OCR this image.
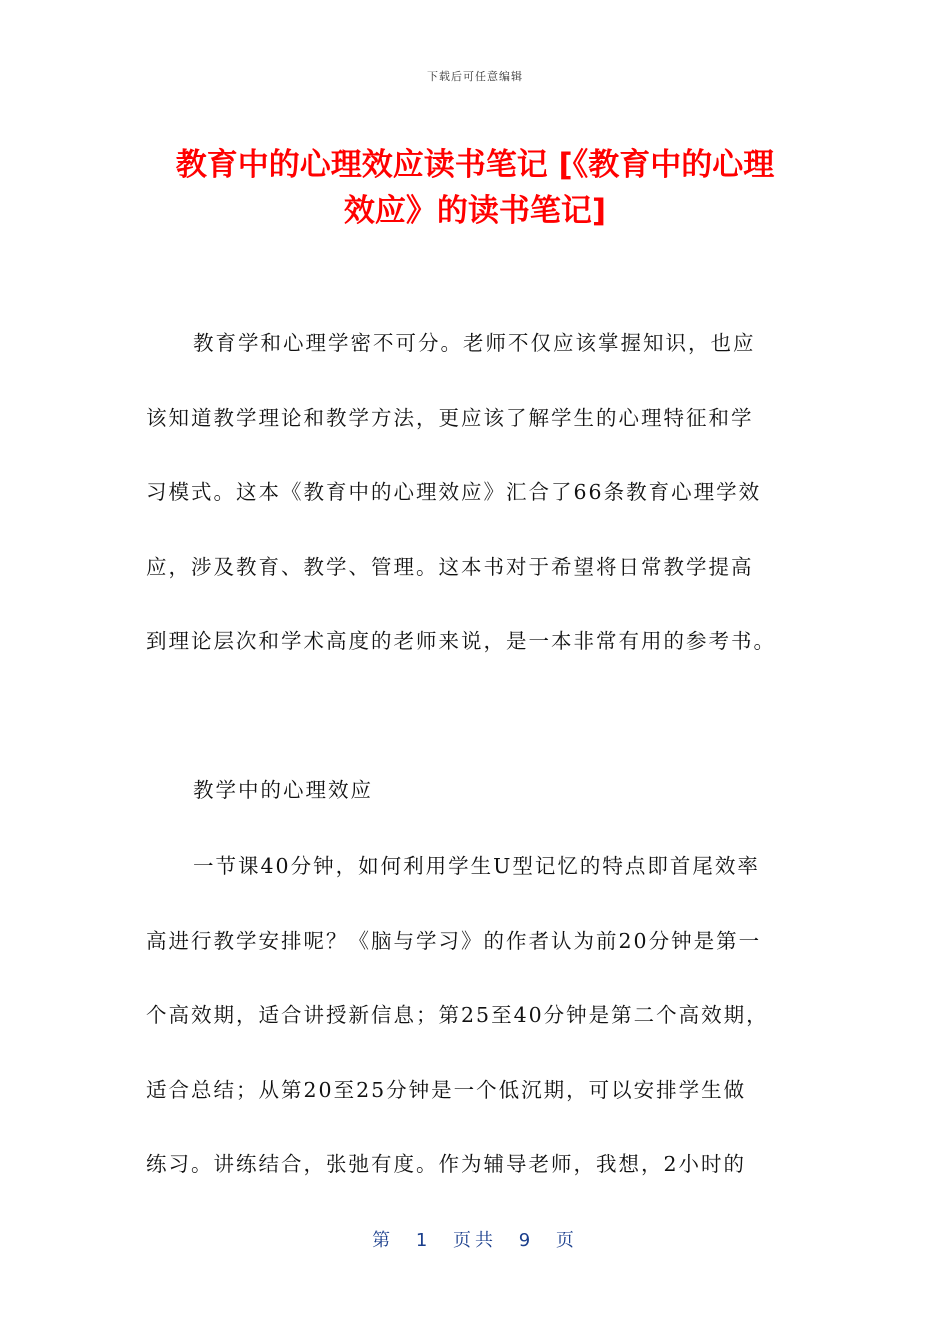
下载后可任意编辑
教育中的心理效应读书笔记 [《教育中的心理
效应》的读书笔记]
教育学和心理学密不可分。老师不仅应该掌握知识，也应
该知道教学理论和教学方法，更应该了解学生的心理特征和学
习模式。这本《教育中的心理效应》汇合了66条教育心理学效
应，涉及教育、教学、管理。这本书对于希望将日常教学提高
到理论层次和学术高度的老师来说，是一本非常有用的参考书。
教学中的心理效应
一节课40分钟，如何利用学生U型记忆的特点即首尾效率
高进行教学安排呢？《脑与学习》的作者认为前20分钟是第一
个高效期，适合讲授新信息；第25至40分钟是第二个高效期，
适合总结；从第20至25分钟是一个低沉期，可以安排学生做
练习。讲练结合，张弛有度。作为辅导老师，我想，2小时的
第 1 页共 9 页
